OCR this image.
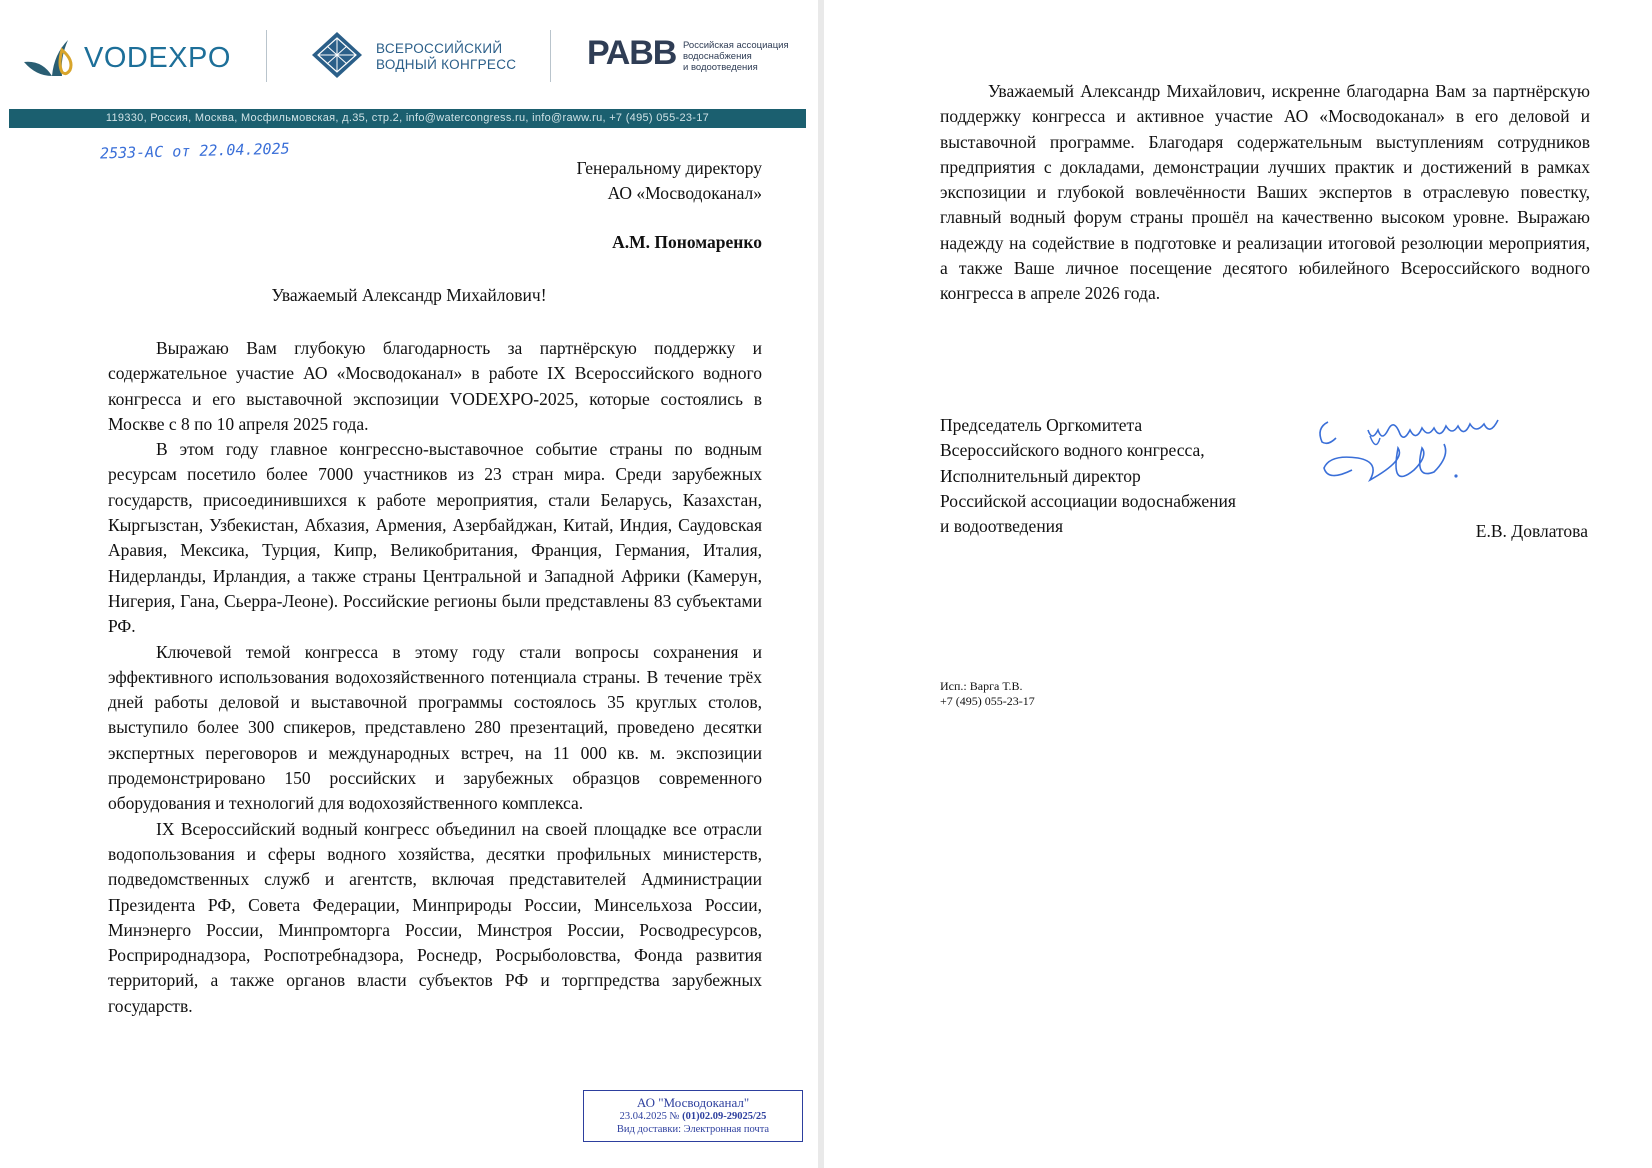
VODEXPO	ВСЕРОССИЙСКИЙ
ВОДНЫЙ КОНГРЕСС РАВВ Российская ассоциация
водоснабжения
и водоотведения
119330, Россия, Москва, Мосфильмовская, д.35, стр.2, info@watercongress.ru, info@raww.ru, +7 (495) 055-23-17
2533-АС от 22.04.2025
Генеральному директору
АО «Мосводоканал»
А.М. Пономаренко
Уважаемый Александр Михайлович!

Выражаю Вам глубокую благодарность за партнёрскую поддержку и содержательное участие АО «Мосводоканал» в работе IX Всероссийского водного конгресса и его выставочной экспозиции VODEXPO-2025, которые состоялись в Москве с 8 по 10 апреля 2025 года.

В этом году главное конгрессно-выставочное событие страны по водным ресурсам посетило более 7000 участников из 23 стран мира. Среди зарубежных государств, присоединившихся к работе мероприятия, стали Беларусь, Казахстан, Кыргызстан, Узбекистан, Абхазия, Армения, Азербайджан, Китай, Индия, Саудовская Аравия, Мексика, Турция, Кипр, Великобритания, Франция, Германия, Италия, Нидерланды, Ирландия, а также страны Центральной и Западной Африки (Камерун, Нигерия, Гана, Сьерра-Леоне). Российские регионы были представлены 83 субъектами РФ.

Ключевой темой конгресса в этому году стали вопросы сохранения и эффективного использования водохозяйственного потенциала страны. В течение трёх дней работы деловой и выставочной программы состоялось 35 круглых столов, выступило более 300 спикеров, представлено 280 презентаций, проведено десятки экспертных переговоров и международных встреч, на 11 000 кв. м. экспозиции продемонстрировано 150 российских и зарубежных образцов современного оборудования и технологий для водохозяйственного комплекса.

IX Всероссийский водный конгресс объединил на своей площадке все отрасли водопользования и сферы водного хозяйства, десятки профильных министерств, подведомственных служб и агентств, включая представителей Администрации Президента РФ, Совета Федерации, Минприроды России, Минсельхоза России, Минэнерго России, Минпромторга России, Минстроя России, Росводресурсов, Росприроднадзора, Роспотребнадзора, Роснедр, Росрыболовства, Фонда развития территорий, а также органов власти субъектов РФ и торгпредства зарубежных государств.

АО "Мосводоканал"
23.04.2025 № (01)02.09-29025/25
Вид доставки: Электронная почта

Уважаемый Александр Михайлович, искренне благодарна Вам за партнёрскую поддержку конгресса и активное участие АО «Мосводоканал» в его деловой и выставочной программе. Благодаря содержательным выступлениям сотрудников предприятия с докладами, демонстрации лучших практик и достижений в рамках экспозиции и глубокой вовлечённости Ваших экспертов в отраслевую повестку, главный водный форум страны прошёл на качественно высоком уровне. Выражаю надежду на содействие в подготовке и реализации итоговой резолюции мероприятия, а также Ваше личное посещение десятого юбилейного Всероссийского водного конгресса в апреле 2026 года.

Председатель Оргкомитета
Всероссийского водного конгресса,
Исполнительный директор
Российской ассоциации водоснабжения
и водоотведения	Е.В. Довлатова
Исп.: Варга Т.В.
+7 (495) 055-23-17
